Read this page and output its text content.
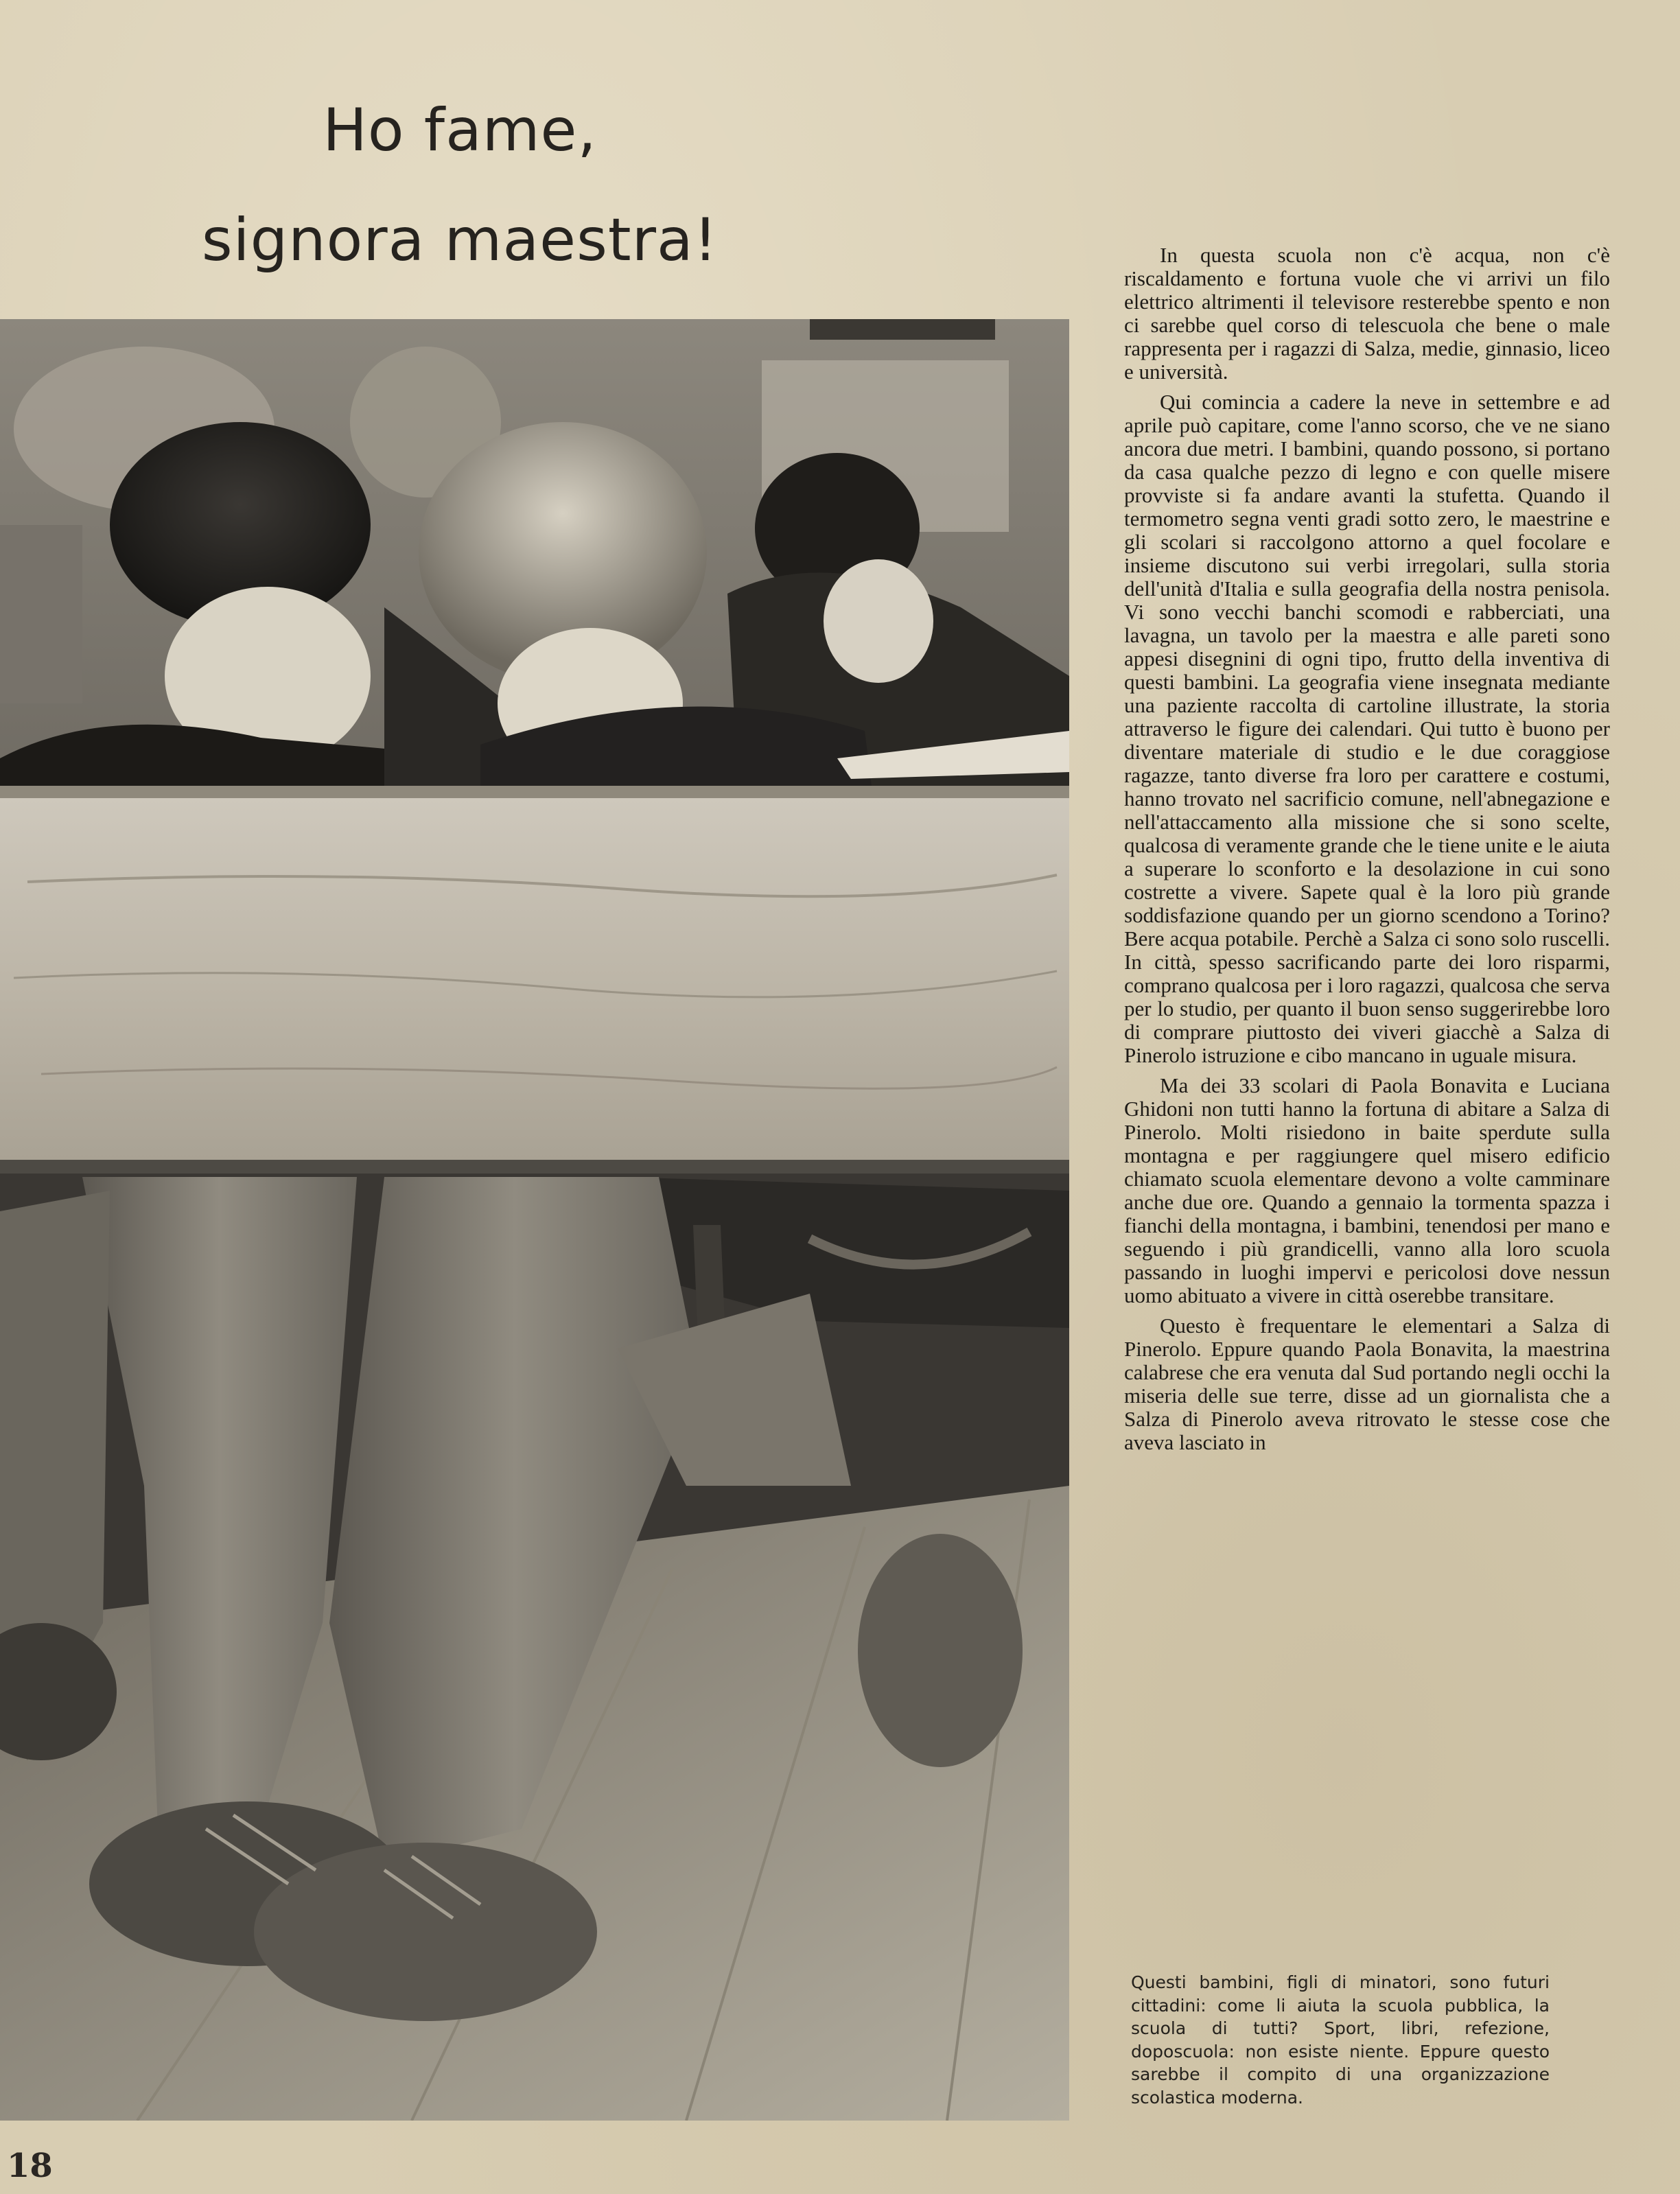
Ho fame,
signora maestra!	In questa scuola non c'è acqua, non c'è riscaldamento e fortuna vuole che vi arrivi un filo elettrico altrimenti il televisore resterebbe spento e non ci sarebbe quel corso di telescuola che bene o male rappresenta per i ragazzi di Salza, medie, ginnasio, liceo e università.

Qui comincia a cadere la neve in settembre e ad aprile può capitare, come l'anno scorso, che ve ne siano ancora due metri. I bambini, quando possono, si portano da casa qualche pezzo di legno e con quelle misere provviste si fa andare avanti la stufetta. Quando il termometro segna venti gradi sotto zero, le maestrine e gli scolari si raccolgono attorno a quel focolare e insieme discutono sui verbi irregolari, sulla storia dell'unità d'Italia e sulla geografia della nostra penisola. Vi sono vecchi banchi scomodi e rabberciati, una lavagna, un tavolo per la maestra e alle pareti sono appesi disegnini di ogni tipo, frutto della inventiva di questi bambini. La geografia viene insegnata mediante una paziente raccolta di cartoline illustrate, la storia attraverso le figure dei calendari. Qui tutto è buono per diventare materiale di studio e le due coraggiose ragazze, tanto diverse fra loro per carattere e costumi, hanno trovato nel sacrificio comune, nell'abnegazione e nell'attaccamento alla missione che si sono scelte, qualcosa di veramente grande che le tiene unite e le aiuta a superare lo sconforto e la desolazione in cui sono costrette a vivere. Sapete qual è la loro più grande soddisfazione quando per un giorno scendono a Torino? Bere acqua potabile. Perchè a Salza ci sono solo ruscelli. In città, spesso sacrificando parte dei loro risparmi, comprano qualcosa per i loro ragazzi, qualcosa che serva per lo studio, per quanto il buon senso suggerirebbe loro di comprare piuttosto dei viveri giacchè a Salza di Pinerolo istruzione e cibo mancano in uguale misura.

Ma dei 33 scolari di Paola Bonavita e Luciana Ghidoni non tutti hanno la fortuna di abitare a Salza di Pinerolo. Molti risiedono in baite sperdute sulla montagna e per raggiungere quel misero edificio chiamato scuola elementare devono a volte camminare anche due ore. Quando a gennaio la tormenta spazza i fianchi della montagna, i bambini, tenendosi per mano e seguendo i più grandicelli, vanno alla loro scuola passando in luoghi impervi e pericolosi dove nessun uomo abituato a vivere in città oserebbe transitare.

Questo è frequentare le elementari a Salza di Pinerolo. Eppure quando Paola Bonavita, la maestrina calabrese che era venuta dal Sud portando negli occhi la miseria delle sue terre, disse ad un giornalista che a Salza di Pinerolo aveva ritrovato le stesse cose che aveva lasciato in

Questi bambini, figli di minatori, sono futuri cittadini: come li aiuta la scuola pubblica, la scuola di tutti? Sport, libri, refezione, doposcuola: non esiste niente. Eppure questo sarebbe il compito di una organizzazione scolastica moderna.
18
